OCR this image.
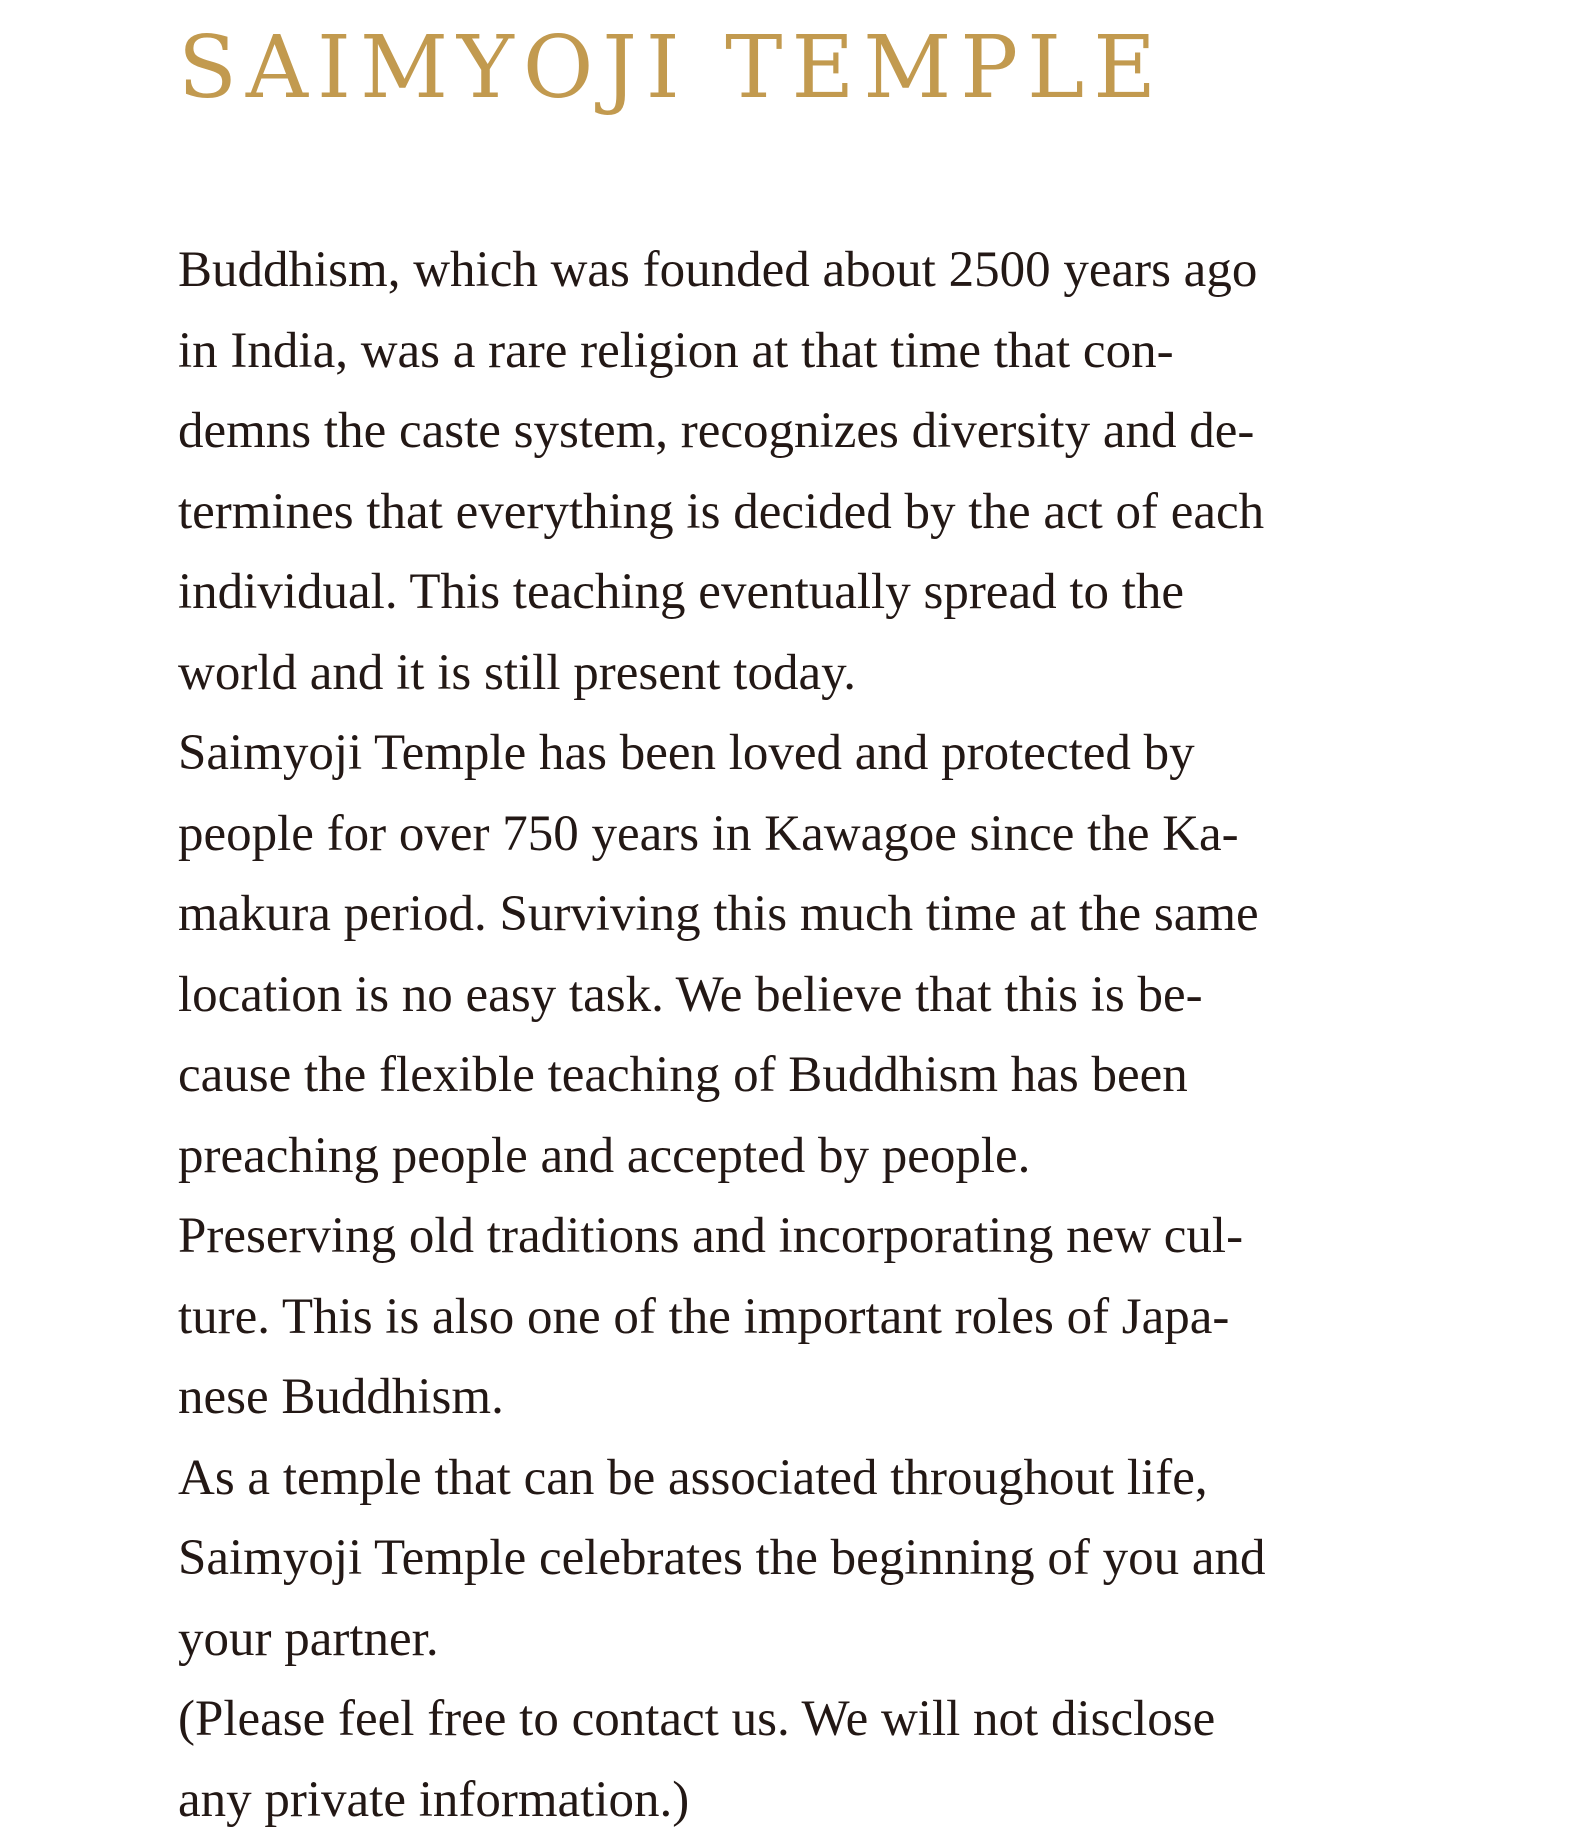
SAIMYOJI TEMPLE
Buddhism, which was founded about 2500 years ago
in India, was a rare religion at that time that con-
demns the caste system, recognizes diversity and de-
termines that everything is decided by the act of each
individual. This teaching eventually spread to the
world and it is still present today.
Saimyoji Temple has been loved and protected by
people for over 750 years in Kawagoe since the Ka-
makura period. Surviving this much time at the same
location is no easy task. We believe that this is be-
cause the flexible teaching of Buddhism has been
preaching people and accepted by people.
Preserving old traditions and incorporating new cul-
ture. This is also one of the important roles of Japa-
nese Buddhism.
As a temple that can be associated throughout life,
Saimyoji Temple celebrates the beginning of you and
your partner.
(Please feel free to contact us. We will not disclose
any private information.)
